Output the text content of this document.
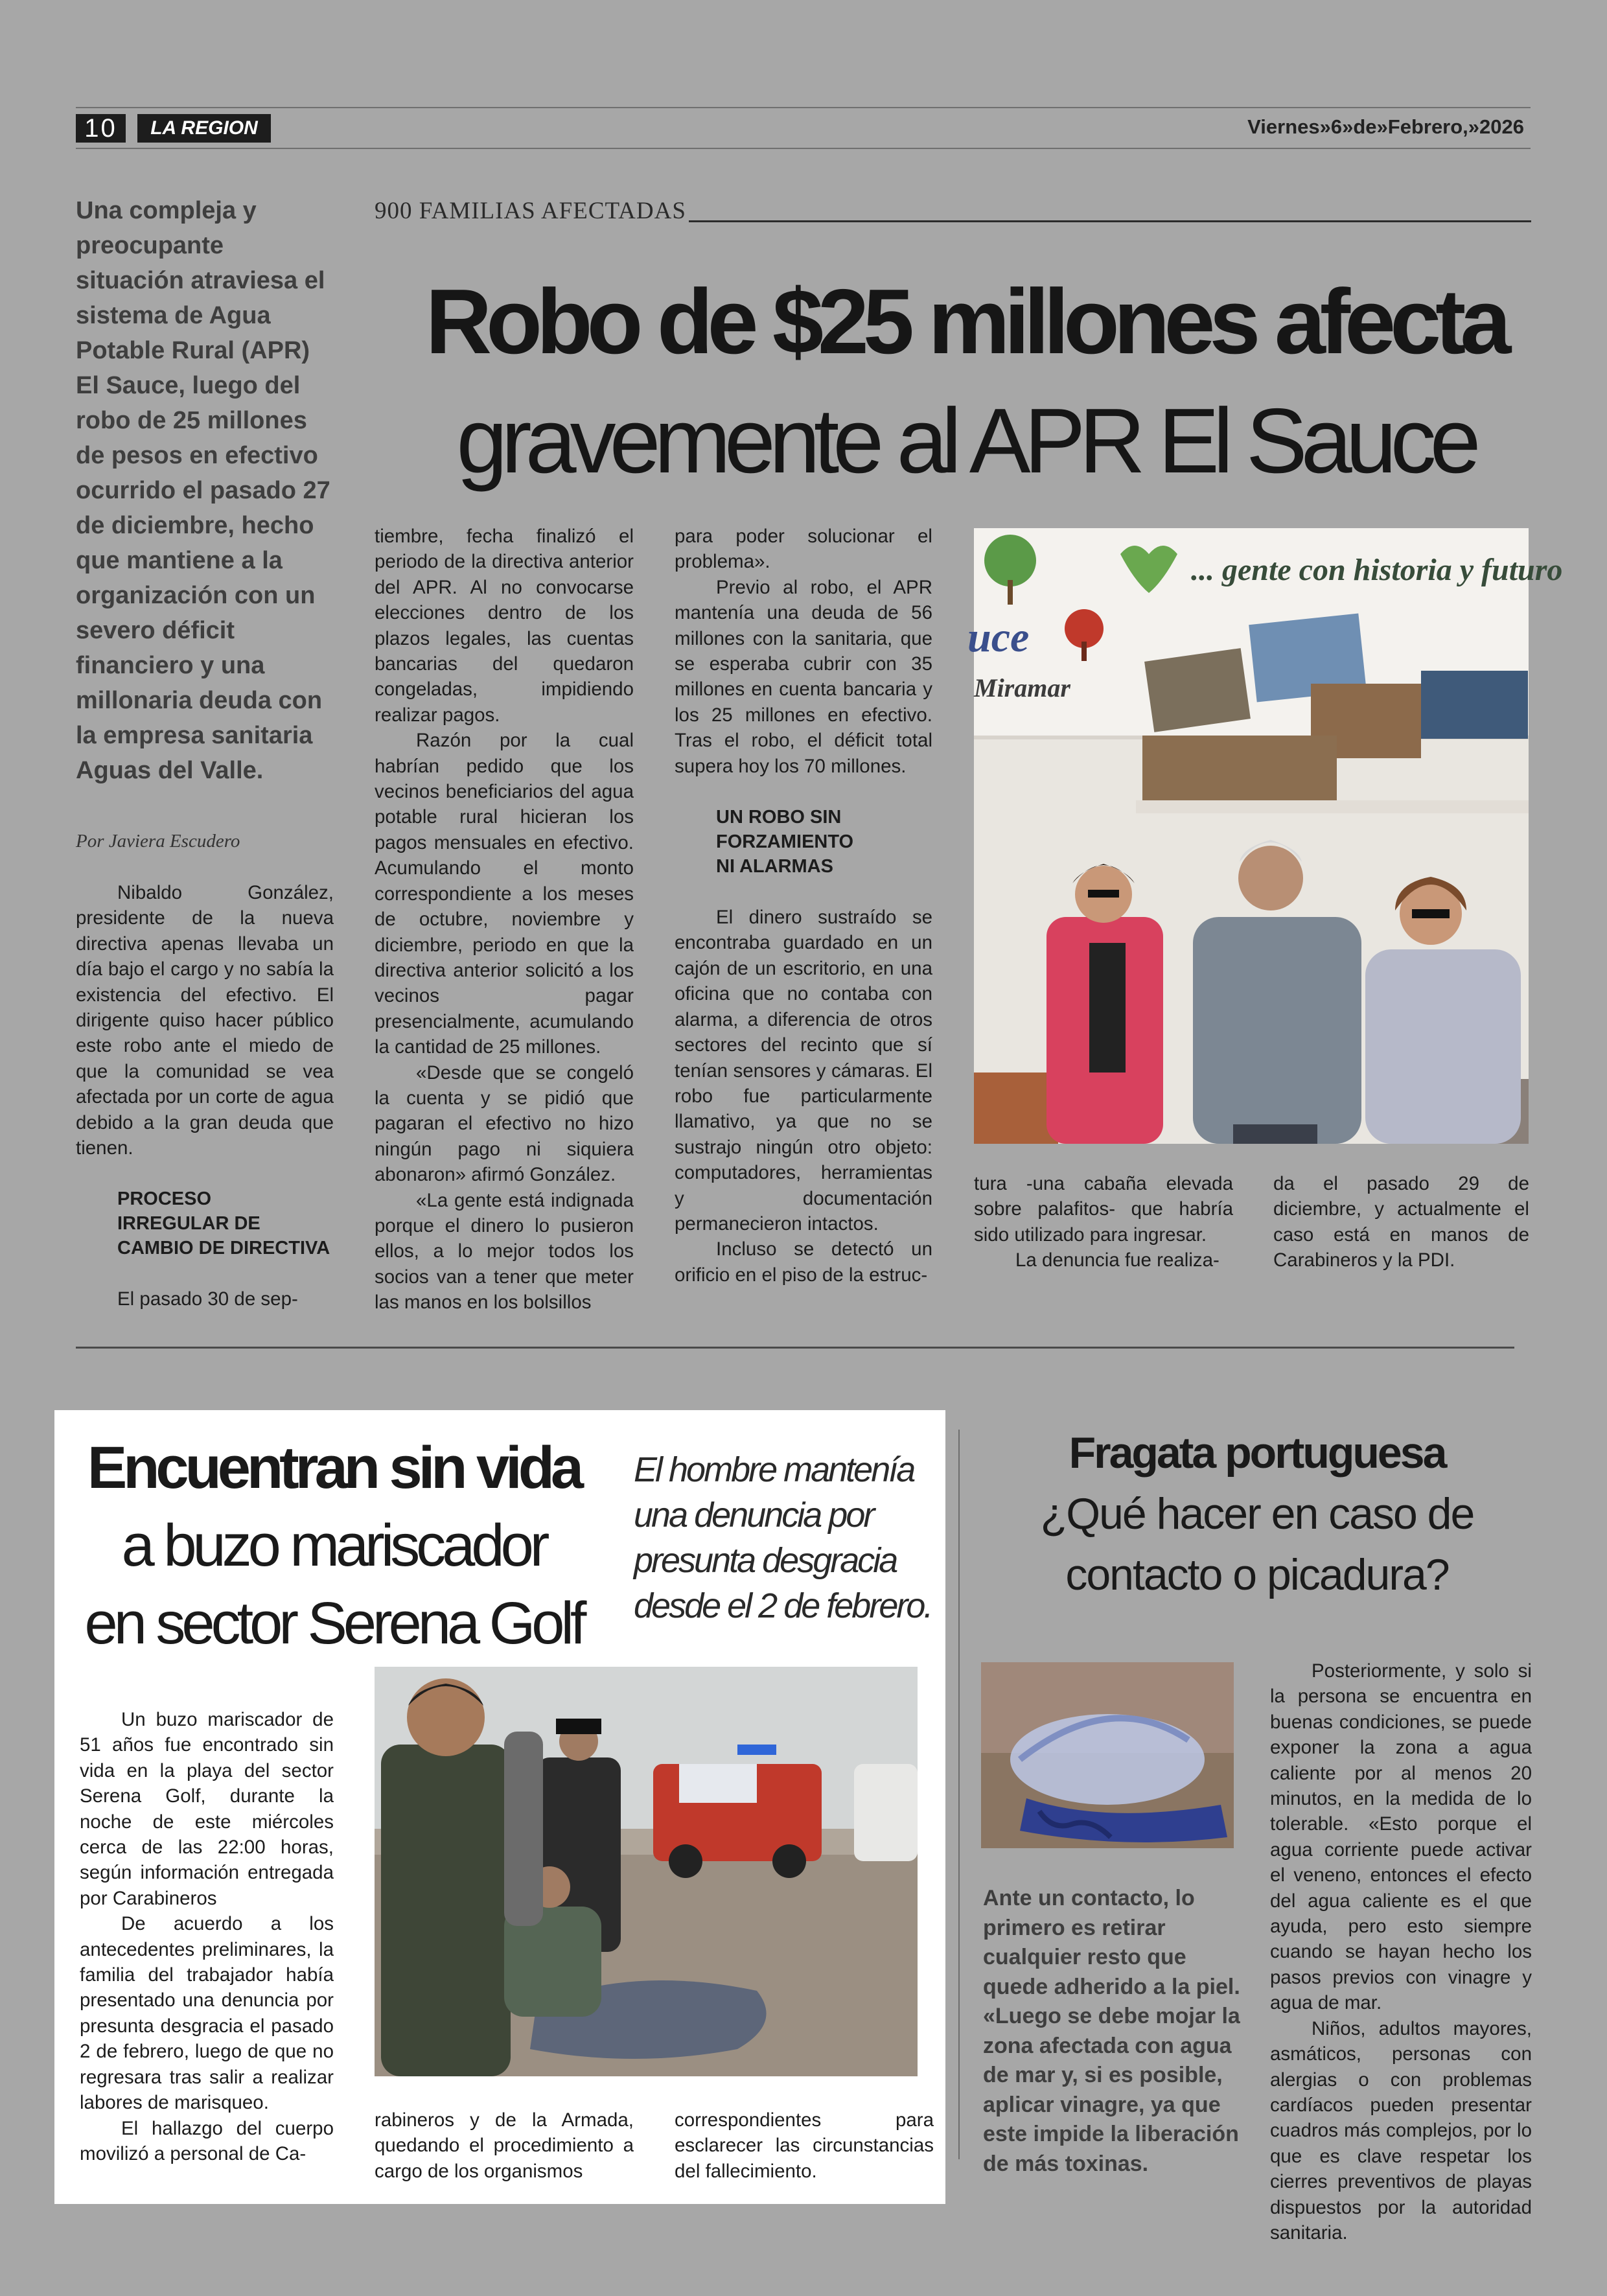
10	LA REGION	Viernes»6»de»Febrero,»2026
900 FAMILIAS AFECTADAS
Robo de $25 millones afecta
gravemente al APR El Sauce
Una compleja y preocupante situación atraviesa el sistema de Agua Potable Rural (APR) El Sauce, luego del robo de 25 millones de pesos en efectivo ocurrido el pasado 27 de diciembre, hecho que mantiene a la organización con un severo déficit financiero y una millonaria deuda con la empresa sanitaria Aguas del Valle.
Por Javiera Escudero

Nibaldo González, presidente de la nueva directiva apenas llevaba un día bajo el cargo y no sabía la existencia del efectivo. El dirigente quiso hacer público este robo ante el miedo de que la comunidad se vea afectada por un corte de agua debido a la gran deuda que tienen.

PROCESO
IRREGULAR DE
CAMBIO DE DIRECTIVA

El pasado 30 de sep-

tiembre, fecha finalizó el periodo de la directiva anterior del APR. Al no convocarse elecciones dentro de los plazos legales, las cuentas bancarias del quedaron congeladas, impidiendo realizar pagos.

Razón por la cual habrían pedido que los vecinos beneficiarios del agua potable rural hicieran los pagos mensuales en efectivo. Acumulando el monto correspondiente a los meses de octubre, noviembre y diciembre, periodo en que la directiva anterior solicitó a los vecinos pagar presencialmente, acumulando la cantidad de 25 millones.

«Desde que se congeló la cuenta y se pidió que pagaran el efectivo no hizo ningún pago ni siquiera abonaron» afirmó González.

«La gente está indignada porque el dinero lo pusieron ellos, a lo mejor todos los socios van a tener que meter las manos en los bolsillos

para poder solucionar el problema».

Previo al robo, el APR mantenía una deuda de 56 millones con la sanitaria, que se esperaba cubrir con 35 millones en cuenta bancaria y los 25 millones en efectivo. Tras el robo, el déficit total supera hoy los 70 millones.

UN ROBO SIN
FORZAMIENTO
NI ALARMAS

El dinero sustraído se encontraba guardado en un cajón de un escritorio, en una oficina que no contaba con alarma, a diferencia de otros sectores del recinto que sí tenían sensores y cámaras. El robo fue particularmente llamativo, ya que no se sustrajo ningún otro objeto: computadores, herramientas y documentación permanecieron intactos.

Incluso se detectó un orificio en el piso de la estruc-

... gente con historia y futuro
uce
Miramar

tura -una cabaña elevada sobre palafitos- que habría sido utilizado para ingresar.

La denuncia fue realiza-

da el pasado 29 de diciembre, y actualmente el caso está en manos de Carabineros y la PDI.

Encuentran sin vida
a buzo mariscador
en sector Serena Golf
El hombre mantenía una denuncia por presunta desgracia desde el 2 de febrero.

Un buzo mariscador de 51 años fue encontrado sin vida en la playa del sector Serena Golf, durante la noche de este miércoles cerca de las 22:00 horas, según información entregada por Carabineros

De acuerdo a los antecedentes preliminares, la familia del trabajador había presentado una denuncia por presunta desgracia el pasado 2 de febrero, luego de que no regresara tras salir a realizar labores de marisqueo.

El hallazgo del cuerpo movilizó a personal de Ca-

rabineros y de la Armada, quedando el procedimiento a cargo de los organismos

correspondientes para esclarecer las circunstancias del fallecimiento.

Fragata portuguesa
¿Qué hacer en caso de
contacto o picadura?
Ante un contacto, lo primero es retirar cualquier resto que quede adherido a la piel. «Luego se debe mojar la zona afectada con agua de mar y, si es posible, aplicar vinagre, ya que este impide la liberación de más toxinas.

Posteriormente, y solo si la persona se encuentra en buenas condiciones, se puede exponer la zona a agua caliente por al menos 20 minutos, en la medida de lo tolerable. «Esto porque el agua corriente puede activar el veneno, entonces el efecto del agua caliente es el que ayuda, pero esto siempre cuando se hayan hecho los pasos previos con vinagre y agua de mar.

Niños, adultos mayores, asmáticos, personas con alergias o con problemas cardíacos pueden presentar cuadros más complejos, por lo que es clave respetar los cierres preventivos de playas dispuestos por la autoridad sanitaria.
